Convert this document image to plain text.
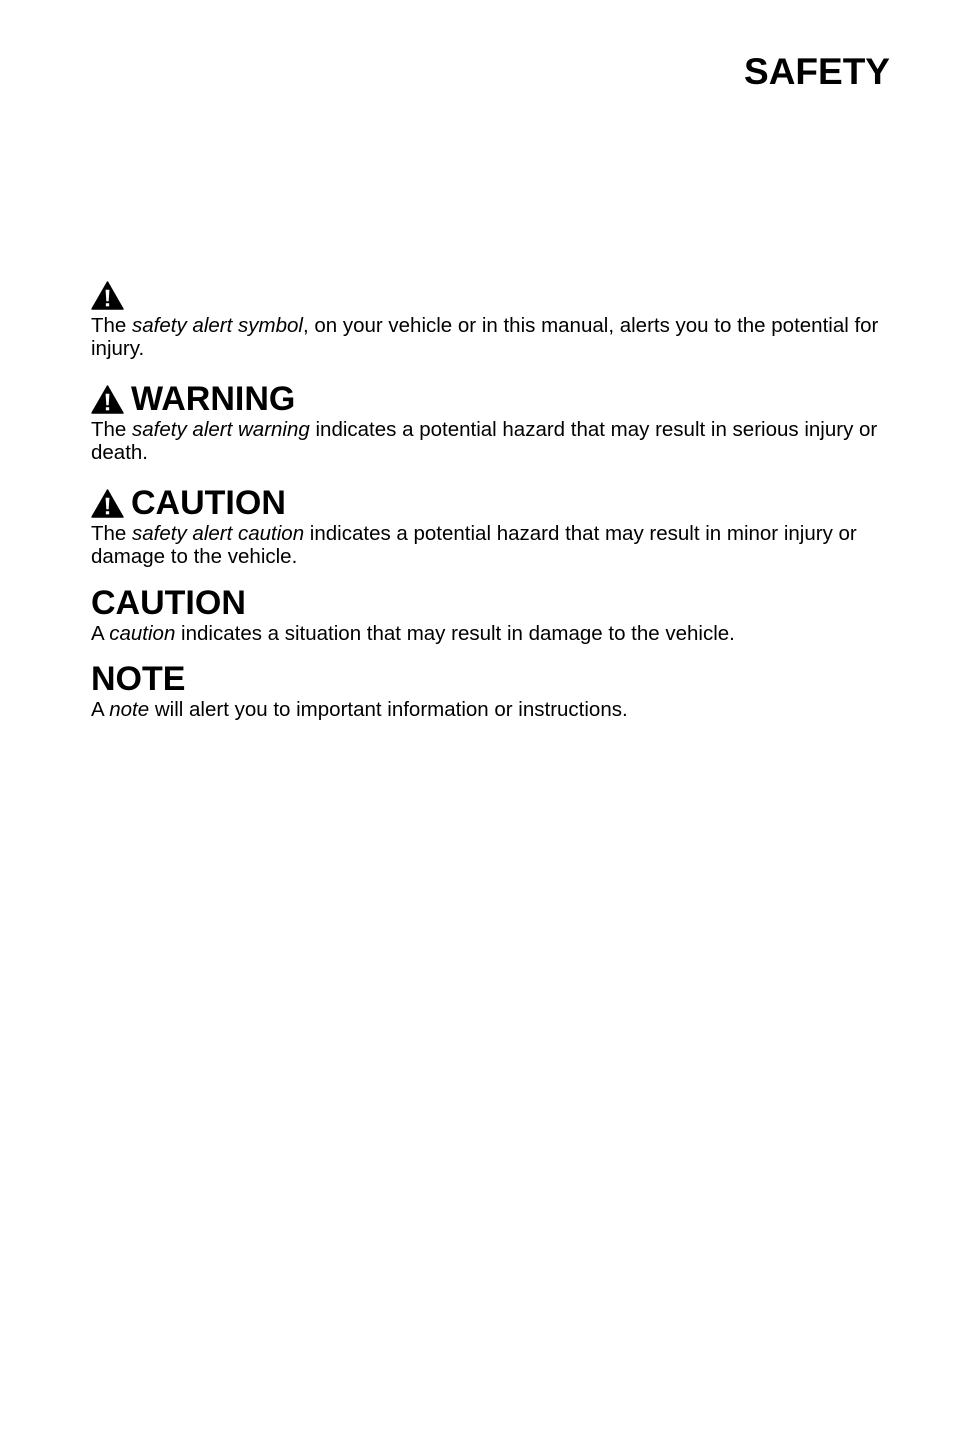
SAFETY

The safety alert symbol, on your vehicle or in this manual, alerts you to the potential for injury.

WARNING

The safety alert warning indicates a potential hazard that may result in serious injury or death.

CAUTION

The safety alert caution indicates a potential hazard that may result in minor injury or damage to the vehicle.

CAUTION

A caution indicates a situation that may result in damage to the vehicle.

NOTE

A note will alert you to important information or instructions.
